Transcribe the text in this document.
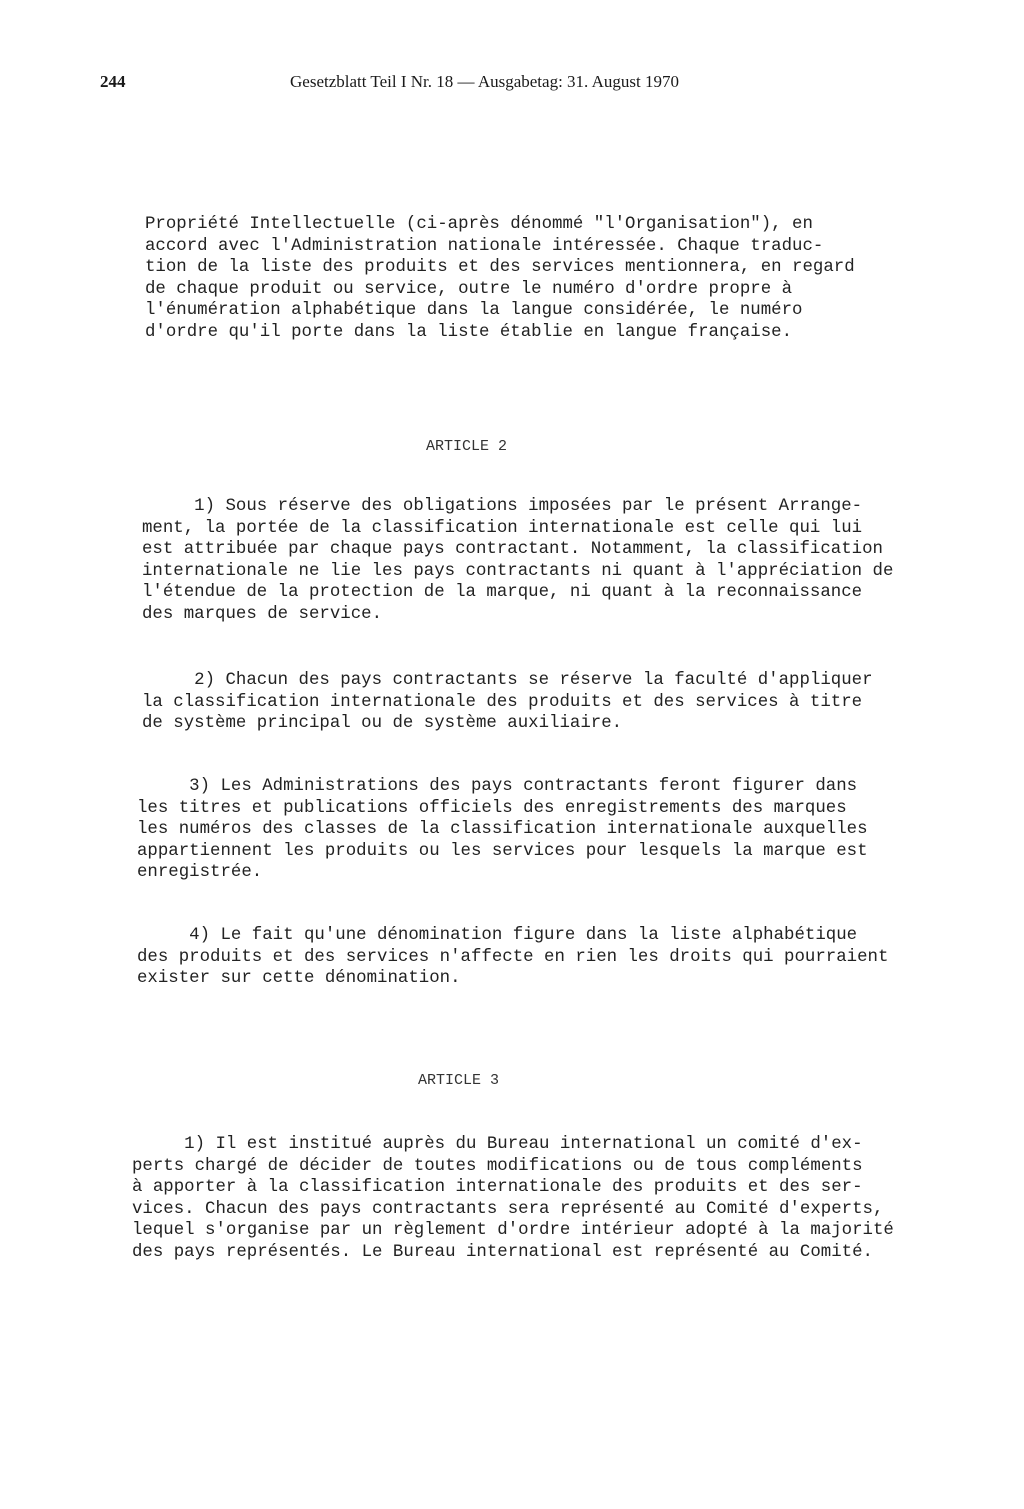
244	Gesetzblatt Teil I Nr. 18 — Ausgabetag: 31. August 1970
Propriété Intellectuelle (ci-après dénommé "l'Organisation"), en
accord avec l'Administration nationale intéressée. Chaque traduc-
tion de la liste des produits et des services mentionnera, en regard
de chaque produit ou service, outre le numéro d'ordre propre à
l'énumération alphabétique dans la langue considérée, le numéro
d'ordre qu'il porte dans la liste établie en langue française.
ARTICLE 2
1) Sous réserve des obligations imposées par le présent Arrange-
ment, la portée de la classification internationale est celle qui lui
est attribuée par chaque pays contractant. Notamment, la classification
internationale ne lie les pays contractants ni quant à l'appréciation de
l'étendue de la protection de la marque, ni quant à la reconnaissance
des marques de service.
2) Chacun des pays contractants se réserve la faculté d'appliquer
la classification internationale des produits et des services à titre
de système principal ou de système auxiliaire.
3) Les Administrations des pays contractants feront figurer dans
les titres et publications officiels des enregistrements des marques
les numéros des classes de la classification internationale auxquelles
appartiennent les produits ou les services pour lesquels la marque est
enregistrée.
4) Le fait qu'une dénomination figure dans la liste alphabétique
des produits et des services n'affecte en rien les droits qui pourraient
exister sur cette dénomination.
ARTICLE 3
1) Il est institué auprès du Bureau international un comité d'ex-
perts chargé de décider de toutes modifications ou de tous compléments
à apporter à la classification internationale des produits et des ser-
vices. Chacun des pays contractants sera représenté au Comité d'experts,
lequel s'organise par un règlement d'ordre intérieur adopté à la majorité
des pays représentés. Le Bureau international est représenté au Comité.
